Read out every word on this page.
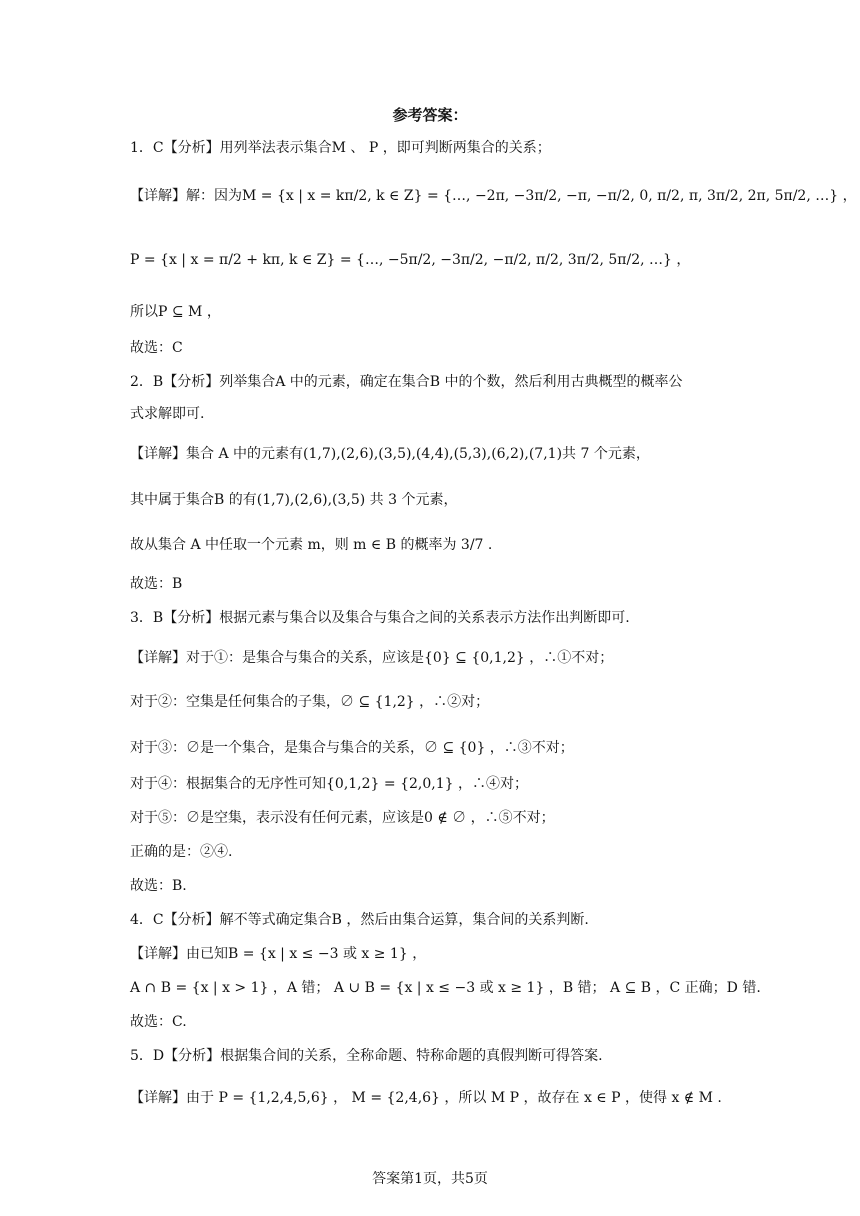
参考答案：
1．C【分析】用列举法表示集合M 、 P ，即可判断两集合的关系；
【详解】解：因为M = {x | x = kπ/2, k ∈ Z} = {…, −2π, −3π/2, −π, −π/2, 0, π/2, π, 3π/2, 2π, 5π/2, …} ，
P = {x | x = π/2 + kπ, k ∈ Z} = {…, −5π/2, −3π/2, −π/2, π/2, 3π/2, 5π/2, …} ，
所以P ⊆ M ，
故选：C
2．B【分析】列举集合A 中的元素，确定在集合B 中的个数，然后利用古典概型的概率公
式求解即可.
【详解】集合 A 中的元素有(1,7),(2,6),(3,5),(4,4),(5,3),(6,2),(7,1)共 7 个元素，
其中属于集合B 的有(1,7),(2,6),(3,5) 共 3 个元素，
故从集合 A 中任取一个元素 m，则 m ∈ B 的概率为 3/7 .
故选：B
3．B【分析】根据元素与集合以及集合与集合之间的关系表示方法作出判断即可.
【详解】对于①：是集合与集合的关系，应该是{0} ⊆ {0,1,2} ，∴①不对；
对于②：空集是任何集合的子集，∅ ⊆ {1,2} ，∴②对；
对于③：∅是一个集合，是集合与集合的关系，∅ ⊆ {0} ，∴③不对；
对于④：根据集合的无序性可知{0,1,2} = {2,0,1} ，∴④对；
对于⑤：∅是空集，表示没有任何元素，应该是0 ∉ ∅ ，∴⑤不对；
正确的是：②④.
故选：B.
4．C【分析】解不等式确定集合B ，然后由集合运算，集合间的关系判断.
【详解】由已知B = {x | x ≤ −3 或 x ≥ 1} ，
A ∩ B = {x | x > 1} ，A 错； A ∪ B = {x | x ≤ −3 或 x ≥ 1} ，B 错； A ⊆ B ，C 正确；D 错.
故选：C.
5．D【分析】根据集合间的关系，全称命题、特称命题的真假判断可得答案.
【详解】由于 P = {1,2,4,5,6} ， M = {2,4,6} ，所以 M P ，故存在 x ∈ P ，使得 x ∉ M .
答案第1页，共5页
